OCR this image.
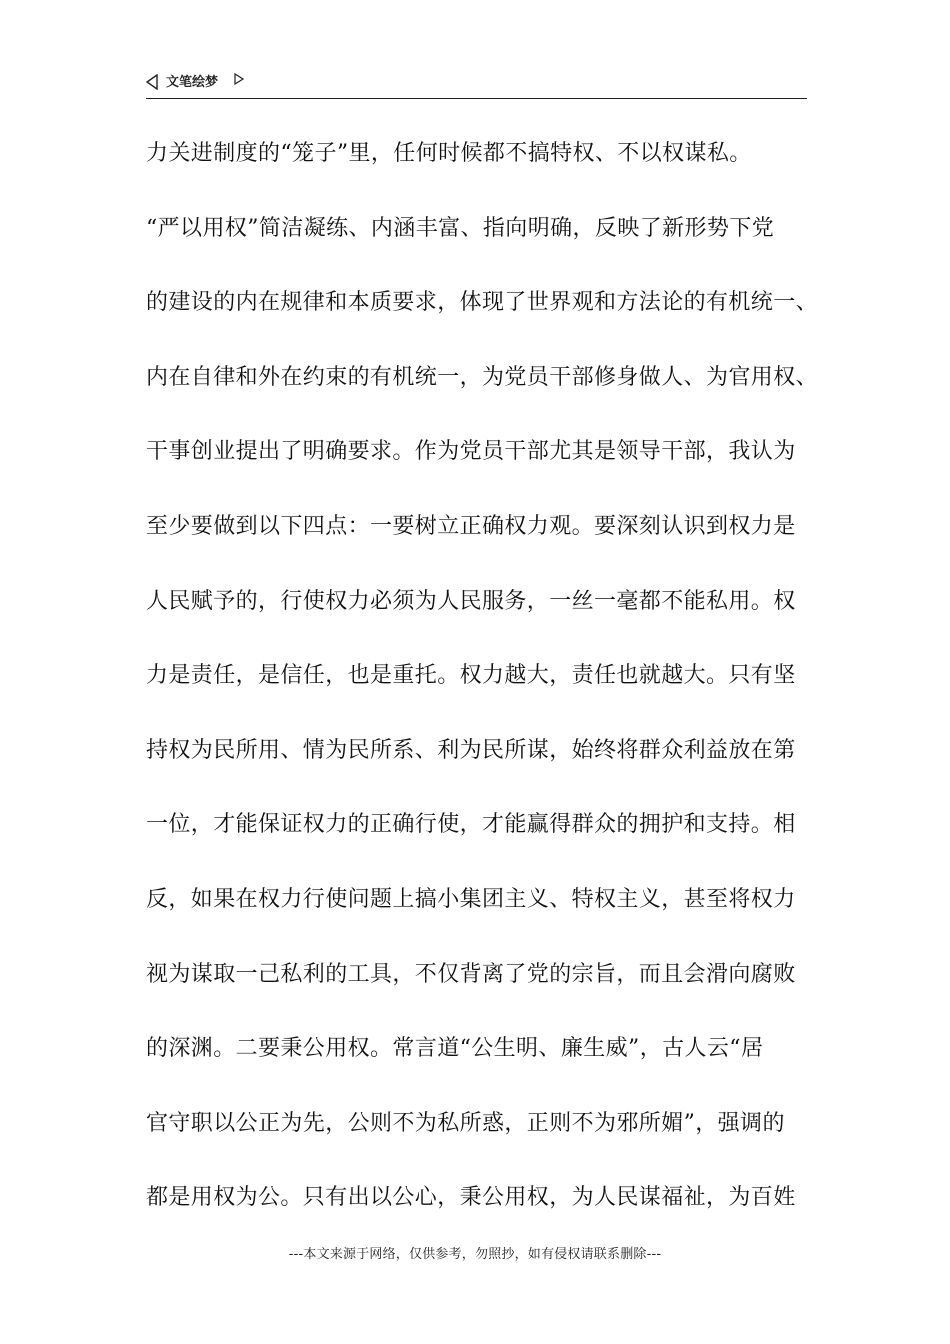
文笔绘梦
力关进制度的“笼子”里，任何时候都不搞特权、不以权谋私。
“严以用权”简洁凝练、内涵丰富、指向明确，反映了新形势下党
的建设的内在规律和本质要求，体现了世界观和方法论的有机统一、
内在自律和外在约束的有机统一，为党员干部修身做人、为官用权、
干事创业提出了明确要求。作为党员干部尤其是领导干部，我认为
至少要做到以下四点：一要树立正确权力观。要深刻认识到权力是
人民赋予的，行使权力必须为人民服务，一丝一毫都不能私用。权
力是责任，是信任，也是重托。权力越大，责任也就越大。只有坚
持权为民所用、情为民所系、利为民所谋，始终将群众利益放在第
一位，才能保证权力的正确行使，才能赢得群众的拥护和支持。相
反，如果在权力行使问题上搞小集团主义、特权主义，甚至将权力
视为谋取一己私利的工具，不仅背离了党的宗旨，而且会滑向腐败
的深渊。二要秉公用权。常言道“公生明、廉生威”，古人云“居
官守职以公正为先，公则不为私所惑，正则不为邪所媚”，强调的
都是用权为公。只有出以公心，秉公用权，为人民谋福祉，为百姓
---本文来源于网络，仅供参考，勿照抄，如有侵权请联系删除---
